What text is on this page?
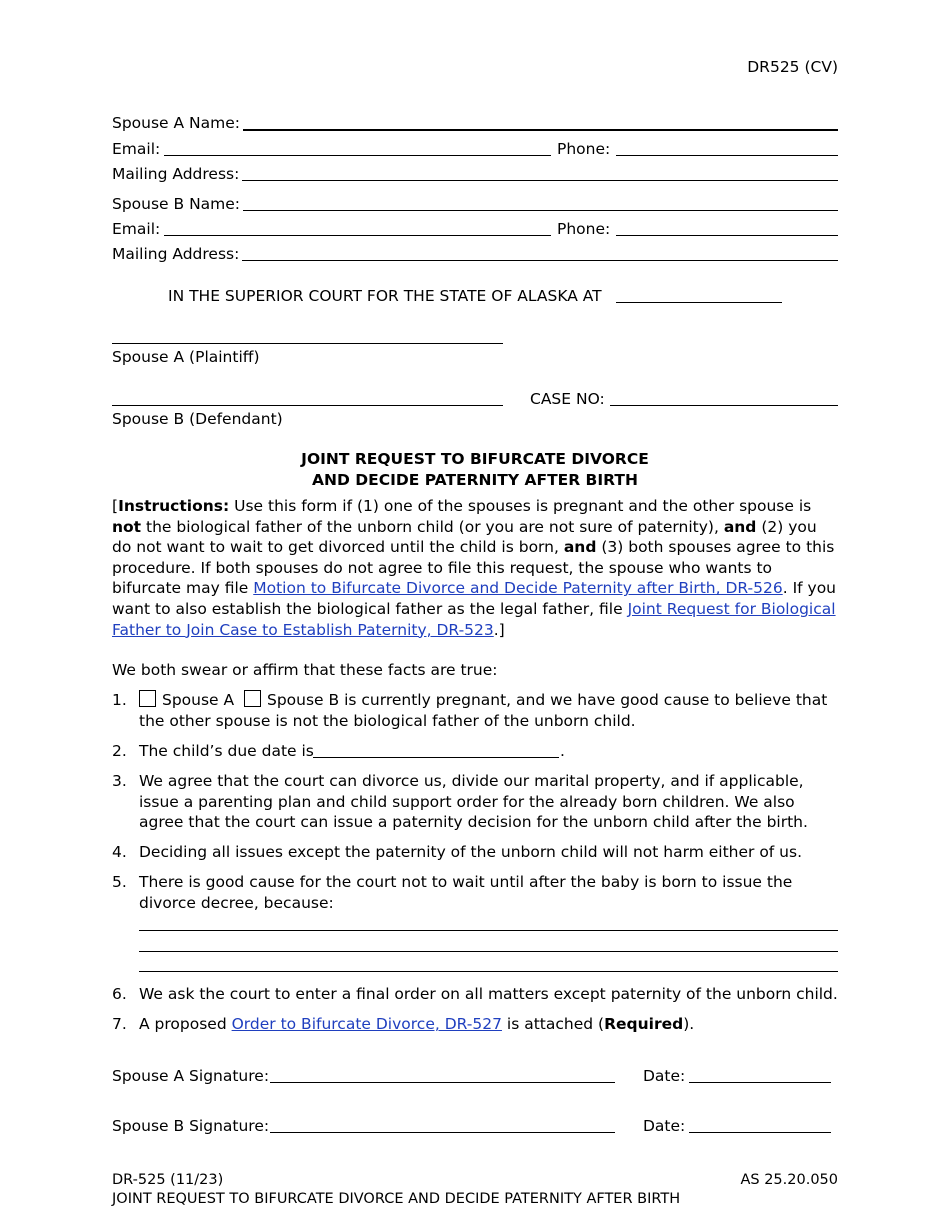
DR525 (CV)
Spouse A Name:
Email:	Phone:
Mailing Address:
Spouse B Name:
Email:	Phone:
Mailing Address:
IN THE SUPERIOR COURT FOR THE STATE OF ALASKA AT
Spouse A (Plaintiff)
Spouse B (Defendant)
CASE NO:
JOINT REQUEST TO BIFURCATE DIVORCE
AND DECIDE PATERNITY AFTER BIRTH
[Instructions: Use this form if (1) one of the spouses is pregnant and the other spouse is not the biological father of the unborn child (or you are not sure of paternity), and (2) you do not want to wait to get divorced until the child is born, and (3) both spouses agree to this procedure. If both spouses do not agree to file this request, the spouse who wants to bifurcate may file Motion to Bifurcate Divorce and Decide Paternity after Birth, DR-526. If you want to also establish the biological father as the legal father, file Joint Request for Biological Father to Join Case to Establish Paternity, DR-523.]
We both swear or affirm that these facts are true:
1.	Spouse A Spouse B is currently pregnant, and we have good cause to believe that
the other spouse is not the biological father of the unborn child.
2. The child’s due date is	.
3. We agree that the court can divorce us, divide our marital property, and if applicable, issue a parenting plan and child support order for the already born children. We also agree that the court can issue a paternity decision for the unborn child after the birth.
4. Deciding all issues except the paternity of the unborn child will not harm either of us.
5. There is good cause for the court not to wait until after the baby is born to issue the divorce decree, because:
6. We ask the court to enter a final order on all matters except paternity of the unborn child.
7. A proposed Order to Bifurcate Divorce, DR-527 is attached (Required).
Spouse A Signature:	Date:
Spouse B Signature:	Date:
DR-525 (11/23)	AS 25.20.050
JOINT REQUEST TO BIFURCATE DIVORCE AND DECIDE PATERNITY AFTER BIRTH
